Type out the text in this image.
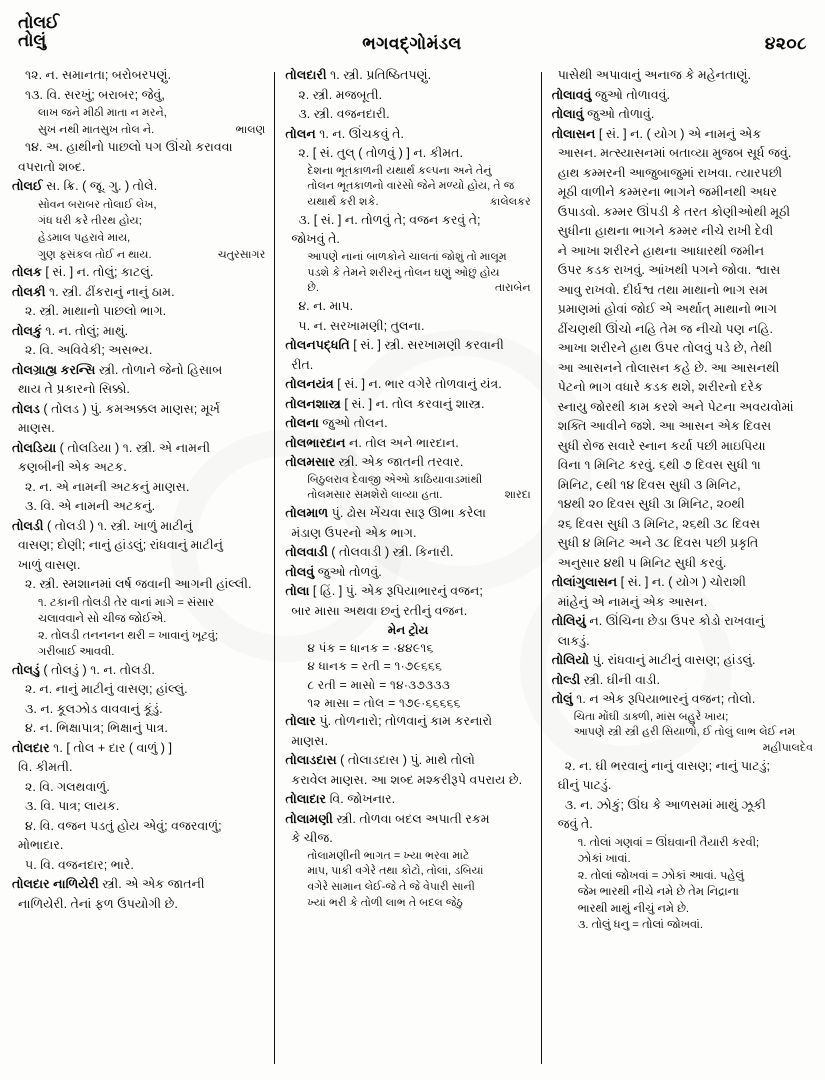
તોલઈ
તોલું	ભગવદ્ગોમંડલ	૪૨૦૮

૧૨. ન. સમાનતા; બરોબરપણું.

૧૩. વિ. સરખું; બરાબર; જેવું,

લાખ જને મીઠી માતા ન મરને,

ભાલણ
સુખ નથી માતસુખ તોલ ને.

૧૪. અ. હાથીનો પાછલો પગ ઊંચો કરાવવા

વપરાતો શબ્દ.

તોલઈ સ. ક્રિ. ( જૂ. ગુ. ) તોલે.

સોવન બરાબર તોલાઈ લેખ,

ગંધ ધરી કરે તીરથ હોય;

હેડમાલ પહરાવે માય,

ચતુરસાગર
ગુણ ફસંકલ તોઈ ન થાય.

તોલક [ સં. ] ન. તોલું; કાટલું.

તોલકી ૧. સ્ત્રી. ઢીંકરાનું નાનું ઠામ.

૨. સ્ત્રી. માથાનો પાછલો ભાગ.

તોલકું ૧. ન. તોલું; માથું.

૨. વિ. અવિવેકી; અસભ્ય.

તોલગ્રાહ્ય કરન્સિ સ્ત્રી. તોળાને જેનો હિસાબ

થાય તે પ્રકારનો સિક્કો.

તોલડ ( તોલડ ) પું. કમઅક્કલ માણસ; મૂર્ખ

માણસ.

તોલડિયા ( તોલડિયા ) ૧. સ્ત્રી. એ નામની

કણબીની એક અટક.

૨. ન. એ નામની અટકનું માણસ.

૩. વિ. એ નામની અટકનું.

તોલડી ( તોલડી ) ૧. સ્ત્રી. ખાળું માટીનું

વાસણ; દોણી; નાનું હાંડલું; રાંધવાનું માટીનું

ખાળું વાસણ.

૨. સ્ત્રી. સ્મશાનમાં લર્ષ જવાની આગની હાંલ્લી.

૧. ટકાની તોલડી તેર વાનાં માગે = સંસાર

ચલાવવાને સો ચીજ જોઈએ.

૨. તોલડી તનનનન થરી = ખાવાનું ખૂટવું;

ગરીબાઈ આવવી.

તોલડું ( તોલડું ) ૧. ન. તોલડી.

૨. ન. નાનું માટીનું વાસણ; હાંલ્લું.

૩. ન. કૂલઝોડ વાવવાનું કૂંડું.

૪. ન. ભિક્ષાપાત્ર; ભિક્ષાનું પાત્ર.

તોલદાર ૧. [ તોલ + દાર ( વાળું ) ]

વિ. કીમતી.

૨. વિ. ગલથવાળું.

૩. વિ. પાત્ર; લાયક.

૪. વિ. વજન પડતું હોય એવું; વજરવાળું;

મોભાદાર.

૫. વિ. વજનદાર; ભારે.

તોલદાર નાળિયેરી સ્ત્રી. એ એક જાતની

નાળિયેરી. તેનાં ફળ ઉપયોગી છે.

તોલદારી ૧. સ્ત્રી. પ્રતિષ્ઠિતપણું.

૨. સ્ત્રી. મજબૂતી.

૩. સ્ત્રી. વજનદારી.

તોલન ૧. ન. ઊંચકવું તે.

૨. [ સં. તુલ્ ( તોળવું ) ] ન. કીમત.

દેશના ભૂતકાળની યથાર્થ કલ્પના અને તેનું

તોલન ભૂતકાળનો વારસો જેને મળ્યો હોય, તે જ

કાલેલકર
યથાર્થ કરી શકે.

૩. [ સં. ] ન. તોળવું તે; વજન કરવું તે;

જોખવું તે.

આપણે નાનાં બાળકોને ચાલતાં જોશું તો માલૂમ

પડશે કે તેમને શરીરનું તોલન ઘણું ઓછું હોય

તારાબેન
છે.

૪. ન. માપ.

૫. ન. સરખામણી; તુલના.

તોલનપદ્ધતિ [ સં. ] સ્ત્રી. સરખામણી કરવાની

રીત.

તોલનયંત્ર [ સં. ] ન. ભાર વગેરે તોળવાનું યંત્ર.

તોલનશાસ્ત્ર [ સં. ] ન. તોલ કરવાનું શાસ્ત્ર.

તોલના જુઓ તોલન.

તોલભારદાન ન. તોલ અને ભારદાન.

તોલમસાર સ્ત્રી. એક જાતની તરવાર.

બિઠુલરાવ દેવાજી એઓ કાઠિયાવાડમાંથી

શારદા
તોલમસાર સમશેરો લાવ્યા હતા.

તોલમાળ પું. ઢોસ ખેંચવા સારૂ ઊભા કરેલા

મંડાણ ઉપરનો એક ભાગ.

તોલવાડી ( તોલવાડી ) સ્ત્રી. કિનારી.

તોલવું જુઓ તોળવું.

તોલા [ હિં. ] પું. એક રૂપિયાભારનું વજન;

બાર માસા અથવા છનું રતીનું વજન.

મેન ટ્રોય

૪ પંક = ધાનક = ·૪૪૯૧૬

૪ ધાનક = રતી = ૧·૭૯૬૬૬

૮ રતી = માસો = ૧૪·૩૭૩૩૩

૧૨ માસા = તોલ = ૧૭૯·૬૬૬૬૬

તોલાર પું. તોળનારો; તોળવાનું કામ કરનારો

માણસ.

તોલાડદાસ ( તોલાડદાસ ) પું. માથે તોલો

કરાવેલ માણસ. આ શબ્દ મશ્કરીરૂપે વપરાય છે.

તોલાદાર વિ. જોખનાર.

તોલામણી સ્ત્રી. તોળવા બદલ અપાતી રકમ

કે ચીજ.

તોલામણીની ભાગત = ખ્યા ભરવા માટે

માપ, પાકી વગેરે તથા કોટો, તોલાં, ડબિયાં

વગેરે સામાન લેઈ-જે તે જે વેપારી સાની

ખ્યાં ભરી કે તોળી લાભ તે બદલ જેઠુ

પાસેથી અપાવાનું અનાજ કે મહેનતાણું.

તોલાવવું જુઓ તોળાવવું.

તોલાવું જુઓ તોળાવું.

તોલાસન [ સં. ] ન. ( યોગ ) એ નામનું એક

આસન. મત્સ્યાસનમાં બતાવ્યા મુજબ સૂર્ધ જવું.

હાથ કમ્મરની આજુબાજુમાં રાખવા. ત્યારપછી

મૂઠી વાળીને કમ્મરના ભાગને જમીનથી અધર

ઉપાડવો. કમ્મર ઊંપડી કે તરત કોણીઓથી મૂઠી

સુધીના હાથના ભાગને કમ્મર નીચે રાખી દેવી

ને આખા શરીરને હાથના આધારથી જમીન

ઉપર કડક રાખવું. આંખથી પગને જોવા. શ્વાસ

આવુ રાખવો. દીર્ઘશ્વ તથા માથાનો ભાગ સમ

પ્રમાણમાં હોવાં જોઈ એ અર્થાત્ માથાનો ભાગ

ઢીંચણથી ઊંચો નહિ તેમ જ નીચો પણ નહિ.

આખા શરીરને હાથ ઉપર તોલવું પડે છે, તેથી

આ આસનને તોલાસન કહે છે. આ આસનથી

પેટનો ભાગ વધારે કડક થશે, શરીરનો દરેક

સ્નાયુ જોરથી કામ કરશે અને પેટના અવયવોમાં

શક્તિ આવીને જશે. આ આસન એક દિવસ

સુધી રોજ સવારે સ્નાન કર્યા પછી માઇપિયા

વિના ૧ મિનિટ કરવું. ૬થી ૭ દિવસ સુધી ૧ા

મિનિટ, ૯થી ૧૪ દિવસ સુધી ૩ મિનિટ,

૧૪થી ૨૦ દિવસ સુધી ૩ા મિનિટ, ૨૦થી

૨૬ દિવસ સુધી ૩ મિનિટ, ૨૬થી ૩૮ દિવસ

સુધી ૪ મિનિટ અને ૩૮ દિવસ પછી પ્રકૃતિ

અનુસાર ૪થી ૫ મિનિટ સુધી કરવું.

તોલાંગુલાસન [ સં. ] ન. ( યોગ ) ચોરાશી

માંહેનું એ નામનું એક આસન.

તોલિયું ન. ઊંચિના છેડા ઉપર કોડો રાખવાનું

લાકડું.

તોલિયો પું. રાંધવાનું માટીનું વાસણ; હાંડલું.

તોલ્ડી સ્ત્રી. ઘીની વાડી.

તોલું ૧. ન એક રૂપિયાભારનું વજન; તોલો.

ચિતા મોંઘી ડાક્ળી, માંસ બહુરે ખાય;

આપણે સ્ત્રી સ્ત્રી હરી સિયાળો, ઈ તોલું લાભ લેઈ નમ

મહીપાલદેવ

૨. ન. ઘી ભરવાનું નાનું વાસણ; નાનું પાટડું;

ઘીનું પાટડું.

૩. ન. ઝોકું; ઊંઘ કે આળસમાં માથું ઝૂકી

જવું તે.

૧. તોલાં ગણવાં = ઊંઘવાની તૈયારી કરવી;

ઝોકાં ખાવાં.

૨. તોલાં જોખવાં = ઝોકાં આવાં. પહેલું

જેમ ભારથી નીચે નમે છે તેમ નિદ્રાના

ભારથી માથું નીચું નમે છે.

૩. તોલું ધનુ = તોલાં જોખવાં.
